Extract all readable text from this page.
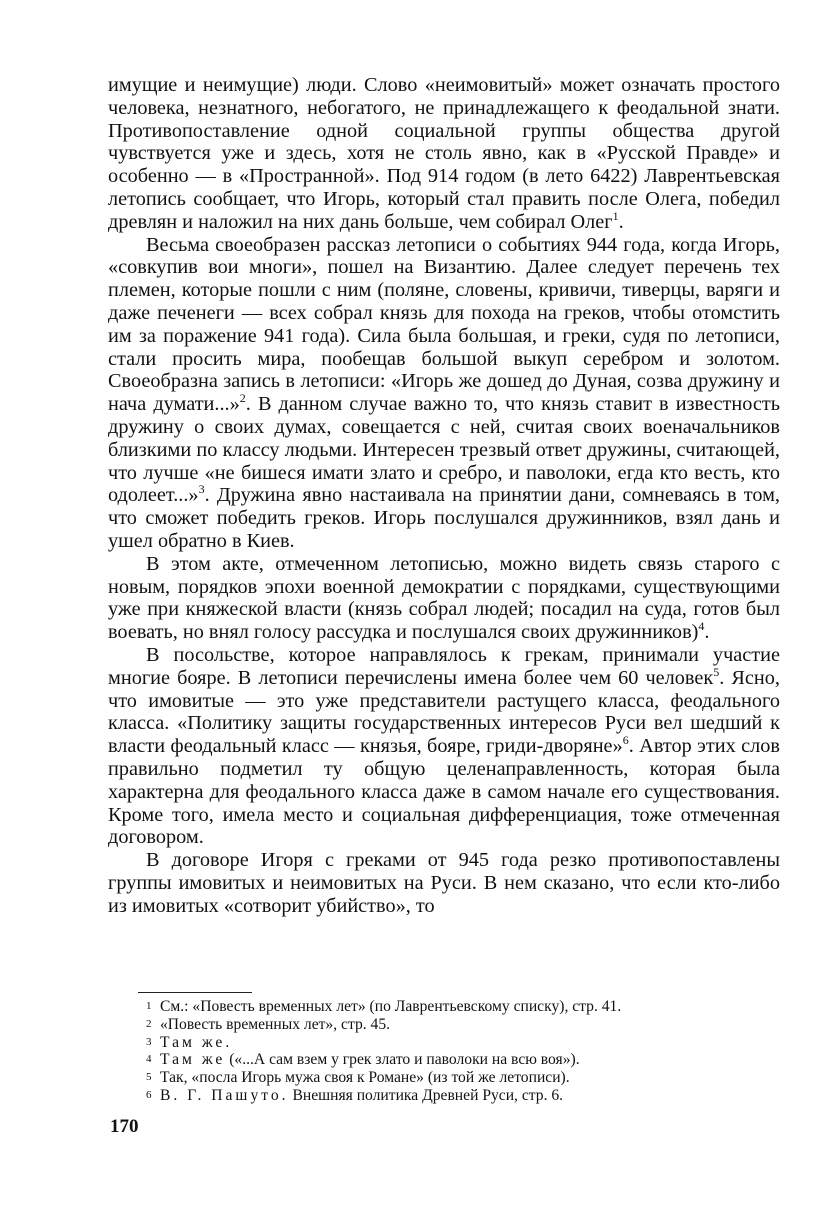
имущие и неимущие) люди. Слово «неимовитый» может означать простого человека, незнатного, небогатого, не принадлежащего к феодальной знати. Противопоставление одной социальной группы общества другой чувствуется уже и здесь, хотя не столь явно, как в «Русской Правде» и особенно — в «Пространной». Под 914 годом (в лето 6422) Лаврентьевская летопись сообщает, что Игорь, который стал править после Олега, победил древлян и наложил на них дань больше, чем собирал Олег$^1$.

Весьма своеобразен рассказ летописи о событиях 944 года, когда Игорь, «совкупив вои многи», пошел на Византию. Далее следует перечень тех племен, которые пошли с ним (поляне, словены, кривичи, тиверцы, варяги и даже печенеги — всех собрал князь для похода на греков, чтобы отомстить им за поражение 941 года). Сила была большая, и греки, судя по летописи, стали просить мира, пообещав большой выкуп серебром и золотом. Своеобразна запись в летописи: «Игорь же дошед до Дуная, созва дружину и нача думати...»$^2$. В данном случае важно то, что князь ставит в известность дружину о своих думах, совещается с ней, считая своих военачальников близкими по классу людьми. Интересен трезвый ответ дружины, считающей, что лучше «не бишеся имати злато и сребро, и паволоки, егда кто весть, кто одолеет...»$^3$. Дружина явно настаивала на принятии дани, сомневаясь в том, что сможет победить греков. Игорь послушался дружинников, взял дань и ушел обратно в Киев.

В этом акте, отмеченном летописью, можно видеть связь старого с новым, порядков эпохи военной демократии с порядками, существующими уже при княжеской власти (князь собрал людей; посадил на суда, готов был воевать, но внял голосу рассудка и послушался своих дружинников)$^4$.

В посольстве, которое направлялось к грекам, принимали участие многие бояре. В летописи перечислены имена более чем 60 человек$^5$. Ясно, что имовитые — это уже представители растущего класса, феодального класса. «Политику защиты государственных интересов Руси вел шедший к власти феодальный класс — князья, бояре, гриди-дворяне»$^6$. Автор этих слов правильно подметил ту общую целенаправленность, которая была характерна для феодального класса даже в самом начале его существования. Кроме того, имела место и социальная дифференциация, тоже отмеченная договором.

В договоре Игоря с греками от 945 года резко противопоставлены группы имовитых и неимовитых на Руси. В нем сказано, что если кто-либо из имовитых «сотворит убийство», то

1 См.: «Повесть временных лет» (по Лаврентьевскому списку), стр. 41.

2 «Повесть временных лет», стр. 45.

3 Там же.

4 Там же («...А сам взем у грек злато и паволоки на всю воя»).

5 Так, «посла Игорь мужа своя к Романе» (из той же летописи).

6 В. Г. Пашуто. Внешняя политика Древней Руси, стр. 6.

170
